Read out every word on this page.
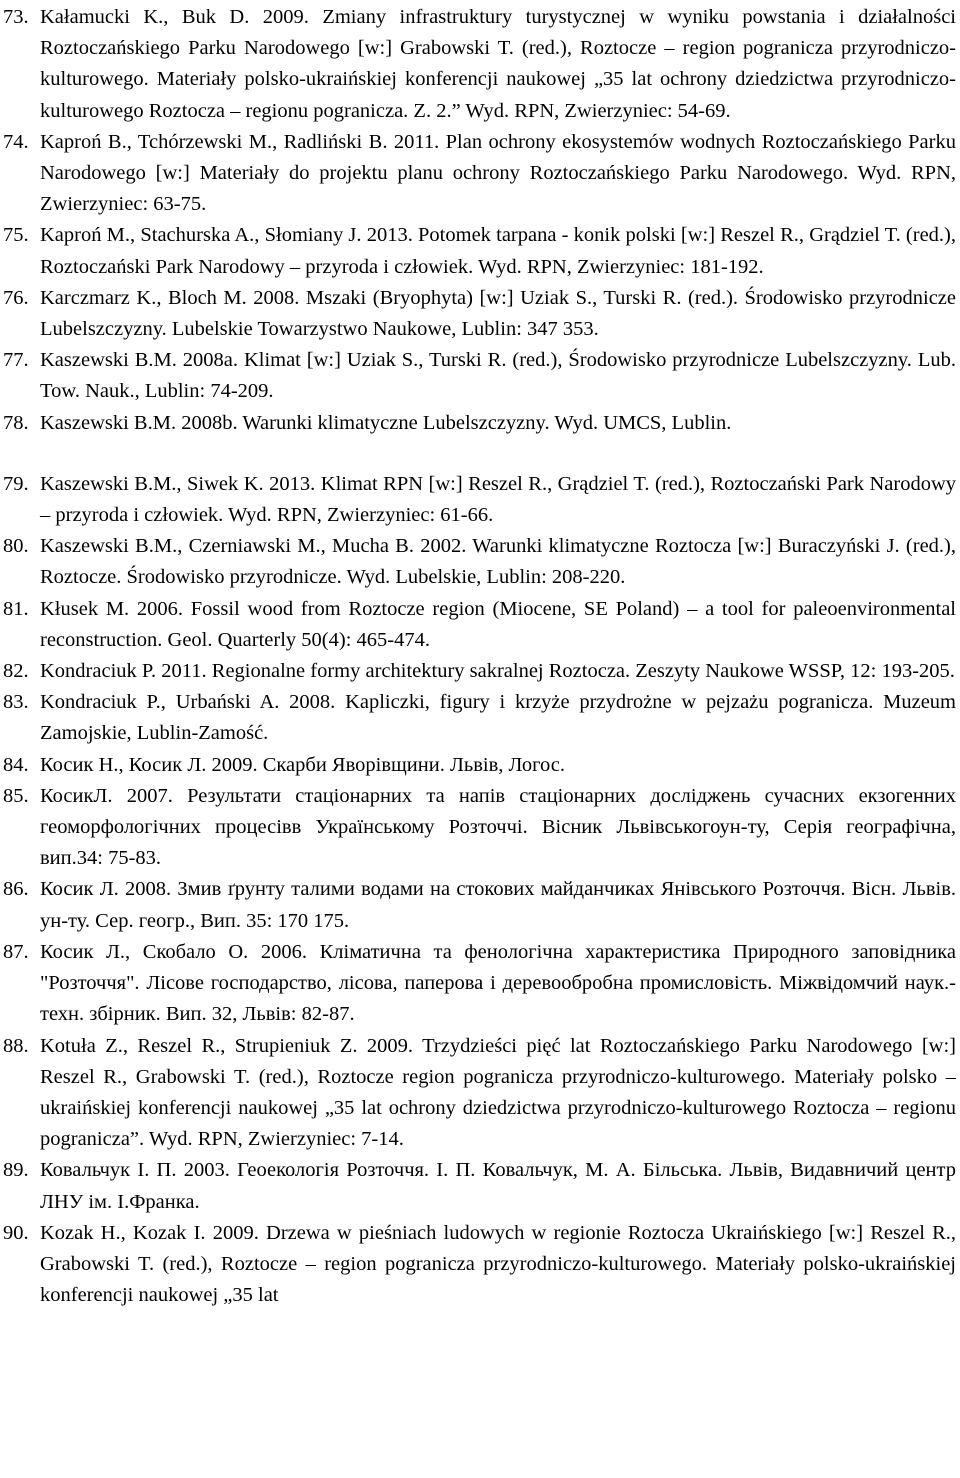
73. Kałamucki K., Buk D. 2009. Zmiany infrastruktury turystycznej w wyniku powstania i działalności Roztoczańskiego Parku Narodowego [w:] Grabowski T. (red.), Roztocze – region pogranicza przyrodniczo-kulturowego. Materiały polsko-ukraińskiej konferencji naukowej „35 lat ochrony dziedzictwa przyrodniczo-kulturowego Roztocza – regionu pogranicza. Z. 2.” Wyd. RPN, Zwierzyniec: 54-69.
74. Kaproń B., Tchórzewski M., Radliński B. 2011. Plan ochrony ekosystemów wodnych Roztoczańskiego Parku Narodowego [w:] Materiały do projektu planu ochrony Roztoczańskiego Parku Narodowego. Wyd. RPN, Zwierzyniec: 63-75.
75. Kaproń M., Stachurska A., Słomiany J. 2013. Potomek tarpana - konik polski [w:] Reszel R., Grądziel T. (red.), Roztoczański Park Narodowy – przyroda i człowiek. Wyd. RPN, Zwierzyniec: 181-192.
76. Karczmarz K., Bloch M. 2008. Mszaki (Bryophyta) [w:] Uziak S., Turski R. (red.). Środowisko przyrodnicze Lubelszczyzny. Lubelskie Towarzystwo Naukowe, Lublin: 347 353.
77. Kaszewski B.M. 2008a. Klimat [w:] Uziak S., Turski R. (red.), Środowisko przyrodnicze Lubelszczyzny. Lub. Tow. Nauk., Lublin: 74-209.
78. Kaszewski B.M. 2008b. Warunki klimatyczne Lubelszczyzny. Wyd. UMCS, Lublin.
79. Kaszewski B.M., Siwek K. 2013. Klimat RPN [w:] Reszel R., Grądziel T. (red.), Roztoczański Park Narodowy – przyroda i człowiek. Wyd. RPN, Zwierzyniec: 61-66.
80. Kaszewski B.M., Czerniawski M., Mucha B. 2002. Warunki klimatyczne Roztocza [w:] Buraczyński J. (red.), Roztocze. Środowisko przyrodnicze. Wyd. Lubelskie, Lublin: 208-220.
81. Kłusek M. 2006. Fossil wood from Roztocze region (Miocene, SE Poland) – a tool for paleoenvironmental reconstruction. Geol. Quarterly 50(4): 465-474.
82. Kondraciuk P. 2011. Regionalne formy architektury sakralnej Roztocza. Zeszyty Naukowe WSSP, 12: 193-205.
83. Kondraciuk P., Urbański A. 2008. Kapliczki, figury i krzyże przydrożne w pejzażu pogranicza. Muzeum Zamojskie, Lublin-Zamość.
84. Косик Н., Косик Л. 2009. Скарби Яворівщини. Львів, Логос.
85. КосикЛ. 2007. Результати стаціонарних та напів стаціонарних досліджень сучасних екзогенних геоморфологічних процесівв Українському Розточчі. Вісник Львівськогоун-ту, Серія географічна, вип.34: 75-83.
86. Косик Л. 2008. Змив ґрунту талими водами на стокових майданчиках Янівського Розточчя. Вісн. Львів. ун-ту. Сер. геогр., Вип. 35: 170 175.
87. Косик Л., Скобало О. 2006. Кліматична та фенологічна характеристика Природного заповідника "Розточчя". Лісове господарство, лісова, паперова і деревообробна промисловість. Міжвідомчий наук.-техн. збірник. Вип. 32, Львів: 82-87.
88. Kotuła Z., Reszel R., Strupieniuk Z. 2009. Trzydzieści pięć lat Roztoczańskiego Parku Narodowego [w:] Reszel R., Grabowski T. (red.), Roztocze region pogranicza przyrodniczo-kulturowego. Materiały polsko – ukraińskiej konferencji naukowej „35 lat ochrony dziedzictwa przyrodniczo-kulturowego Roztocza – regionu pogranicza”. Wyd. RPN, Zwierzyniec: 7-14.
89. Ковальчук І. П. 2003. Геоекологія Розточчя. І. П. Ковальчук, М. А. Більська. Львів, Видавничий центр ЛНУ ім. І.Франка.
90. Kozak H., Kozak I. 2009. Drzewa w pieśniach ludowych w regionie Roztocza Ukraińskiego [w:] Reszel R., Grabowski T. (red.), Roztocze – region pogranicza przyrodniczo-kulturowego. Materiały polsko-ukraińskiej konferencji naukowej „35 lat
